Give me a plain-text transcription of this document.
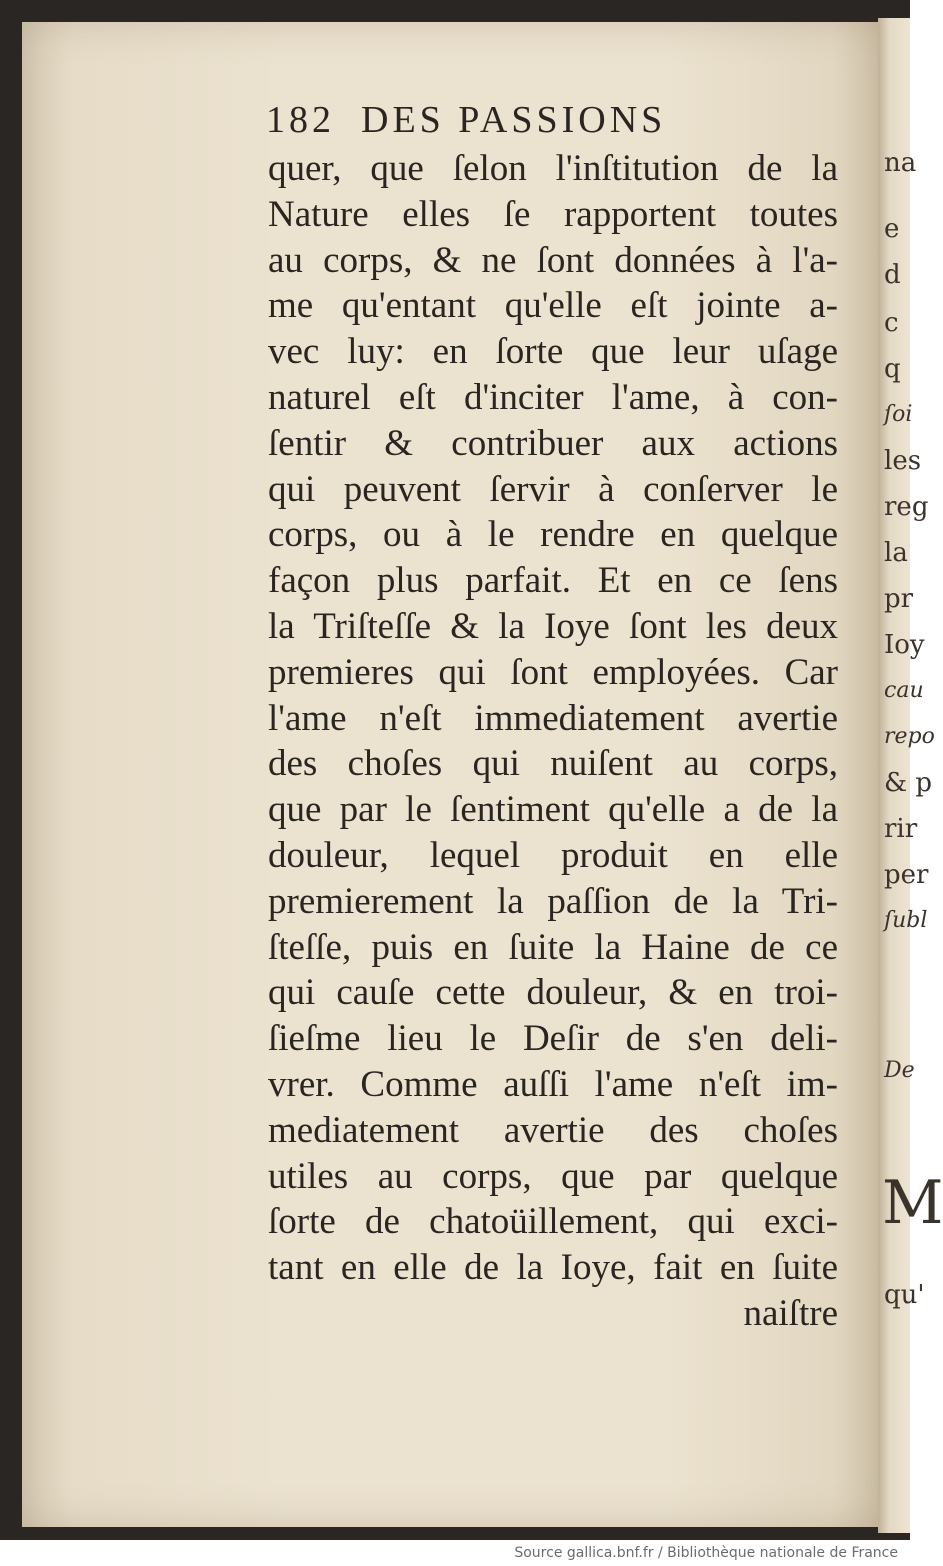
na
e
d
c
q
ſoi
les
reg
la
pr
Ioy
cau
repo
& p
rir
per
ſubl
De
M
qu'
182 DES PASSIONS
quer, que ſelon l'inſtitution de la
Nature elles ſe rapportent toutes
au corps, & ne ſont données à l'a-
me qu'entant qu'elle eſt jointe a-
vec luy: en ſorte que leur uſage
naturel eſt d'inciter l'ame, à con-
ſentir & contribuer aux actions
qui peuvent ſervir à conſerver le
corps, ou à le rendre en quelque
façon plus parfait. Et en ce ſens
la Triſteſſe & la Ioye ſont les deux
premieres qui ſont employées. Car
l'ame n'eſt immediatement avertie
des choſes qui nuiſent au corps,
que par le ſentiment qu'elle a de la
douleur, lequel produit en elle
premierement la paſſion de la Tri-
ſteſſe, puis en ſuite la Haine de ce
qui cauſe cette douleur, & en troi-
ſieſme lieu le Deſir de s'en deli-
vrer. Comme auſſi l'ame n'eſt im-
mediatement avertie des choſes
utiles au corps, que par quelque
ſorte de chatoüillement, qui exci-
tant en elle de la Ioye, fait en ſuite
naiſtre
Source gallica.bnf.fr / Bibliothèque nationale de France
